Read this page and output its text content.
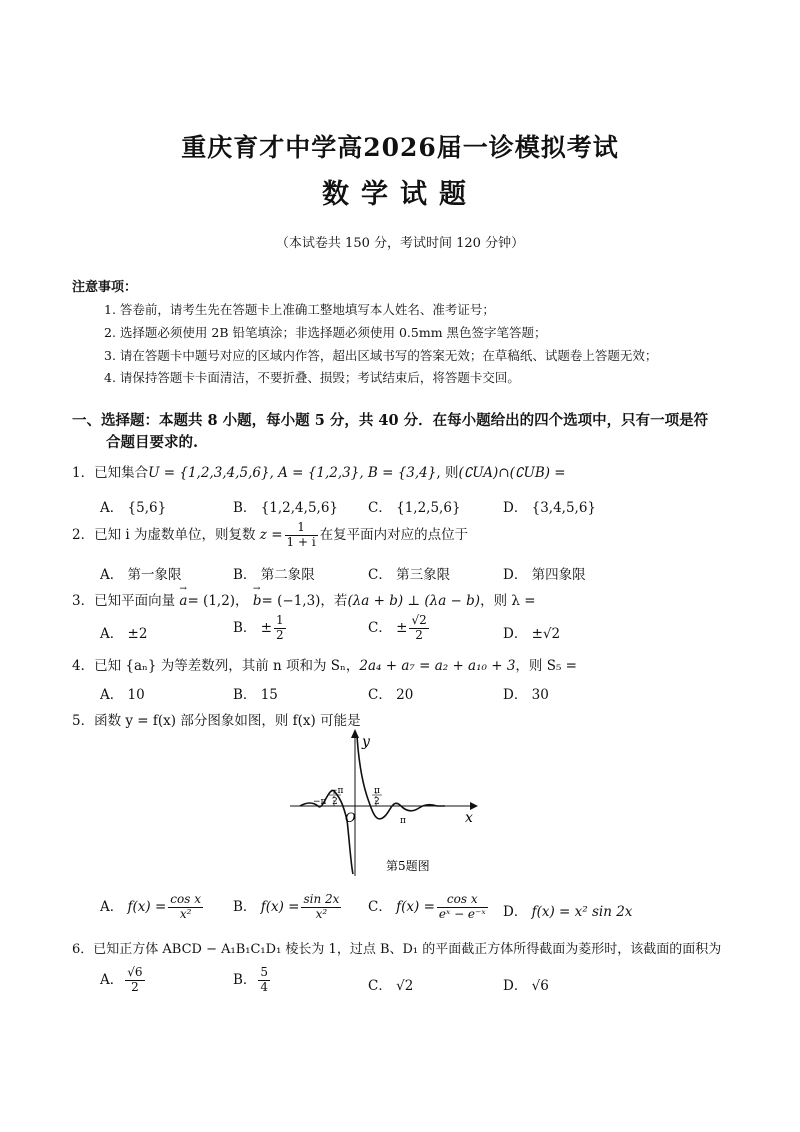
重庆育才中学高2026届一诊模拟考试
数学试题
（本试卷共 150 分，考试时间 120 分钟）
注意事项：
1. 答卷前，请考生先在答题卡上准确工整地填写本人姓名、准考证号；
2. 选择题必须使用 2B 铅笔填涂；非选择题必须使用 0.5mm 黑色签字笔答题；
3. 请在答题卡中题号对应的区域内作答，超出区域书写的答案无效；在草稿纸、试题卷上答题无效；
4. 请保持答题卡卡面清洁，不要折叠、损毁；考试结束后，将答题卡交回。
一、选择题：本题共 8 小题，每小题 5 分，共 40 分．在每小题给出的四个选项中，只有一项是符
合题目要求的.
1．已知集合U = {1,2,3,4,5,6}, A = {1,2,3}, B = {3,4}, 则(∁UA)∩(∁UB) =
A． {5,6}	B． {1,2,4,5,6} C． {1,2,5,6}	D． {3,4,5,6}
2．已知 i 为虚数单位，则复数 $z = \frac{1}{1 + i}$ 在复平面内对应的点位于
A． 第一象限	B． 第二象限	C． 第三象限	D． 第四象限
3．已知平面向量 → a= (1,2)， → b= (−1,3)，若(λa + b) ⊥ (λa − b)，则 λ =
A． ±2	B． ± $\frac{1}{2}$	C． ± $\frac{√2}{2}$	D． ±√2
4．已知 {aₙ} 为等差数列，其前 n 项和为 Sₙ，2a₄ + a₇ = a₂ + a₁₀ + 3，则 S₅ =
A． 10	B． 15	C． 20	D． 30
5．函数 y = f(x) 部分图象如图，则 f(x) 可能是
y
x
O
−π
π
−π
2
π
2
第5题图
A． $f(x) = \frac{\text{cos x}}{\text{x²}}$ B． $f(x) = \frac{\sin 2x}{\text{x²}}$ C． $f(x) = \frac{\text{cos x}}{\text{eˣ − e⁻ˣ}}$ D． f(x) = x² sin 2x
6．已知正方体 ABCD − A₁B₁C₁D₁ 棱长为 1，过点 B、D₁ 的平面截正方体所得截面为菱形时，该截面的面积为
A． $\frac{√6}{2}$	B． $\frac{5}{4}$	C． √2	D． √6
